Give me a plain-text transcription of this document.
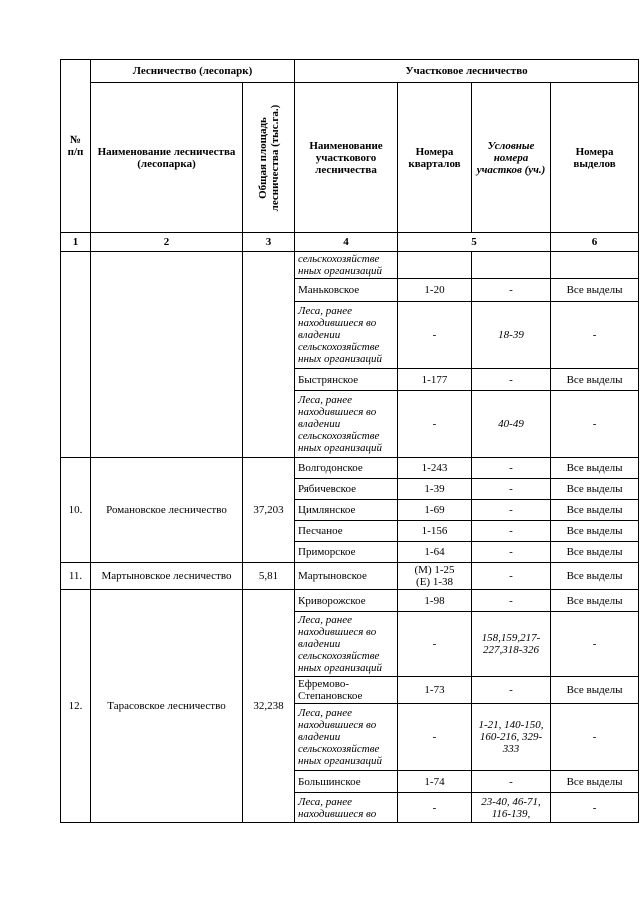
№ п/п	Лесничество (лесопарк)		Участковое лесничество			
	Наименование лесничества (лесопарка)	Общая площадь лесничества (тыс.га.)	Наименование участкового лесничества	Номера кварталов	Условные номера участков (уч.)	Номера выделов
1	2	3	4	5		6
			сельскохозяйстве нных организаций			
			Маньковское	1-20	-	Все выделы
			Леса, ранее находившиеся во владении сельскохозяйстве нных организаций	-	18-39	-
			Быстрянское	1-177	-	Все выделы
			Леса, ранее находившиеся во владении сельскохозяйстве нных организаций	-	40-49	-
10.	Романовское лесничество	37,203	Волгодонское	1-243	-	Все выделы
			Рябичевское	1-39	-	Все выделы
			Цимлянское	1-69	-	Все выделы
			Песчаное	1-156	-	Все выделы
			Приморское	1-64	-	Все выделы
11.	Мартыновское лесничество	5,81	Мартыновское	(М) 1-25
(Е) 1-38	-	Все выделы
12.	Тарасовское лесничество	32,238	Криворожское	1-98	-	Все выделы
			Леса, ранее находившиеся во владении сельскохозяйстве нных организаций	-	158,159,217-227,318-326	-
			Ефремово-Степановское	1-73	-	Все выделы
			Леса, ранее находившиеся во владении сельскохозяйстве нных организаций	-	1-21, 140-150, 160-216, 329-333	-
			Большинское	1-74	-	Все выделы
			Леса, ранее находившиеся во	-	23-40, 46-71, 116-139,	-
